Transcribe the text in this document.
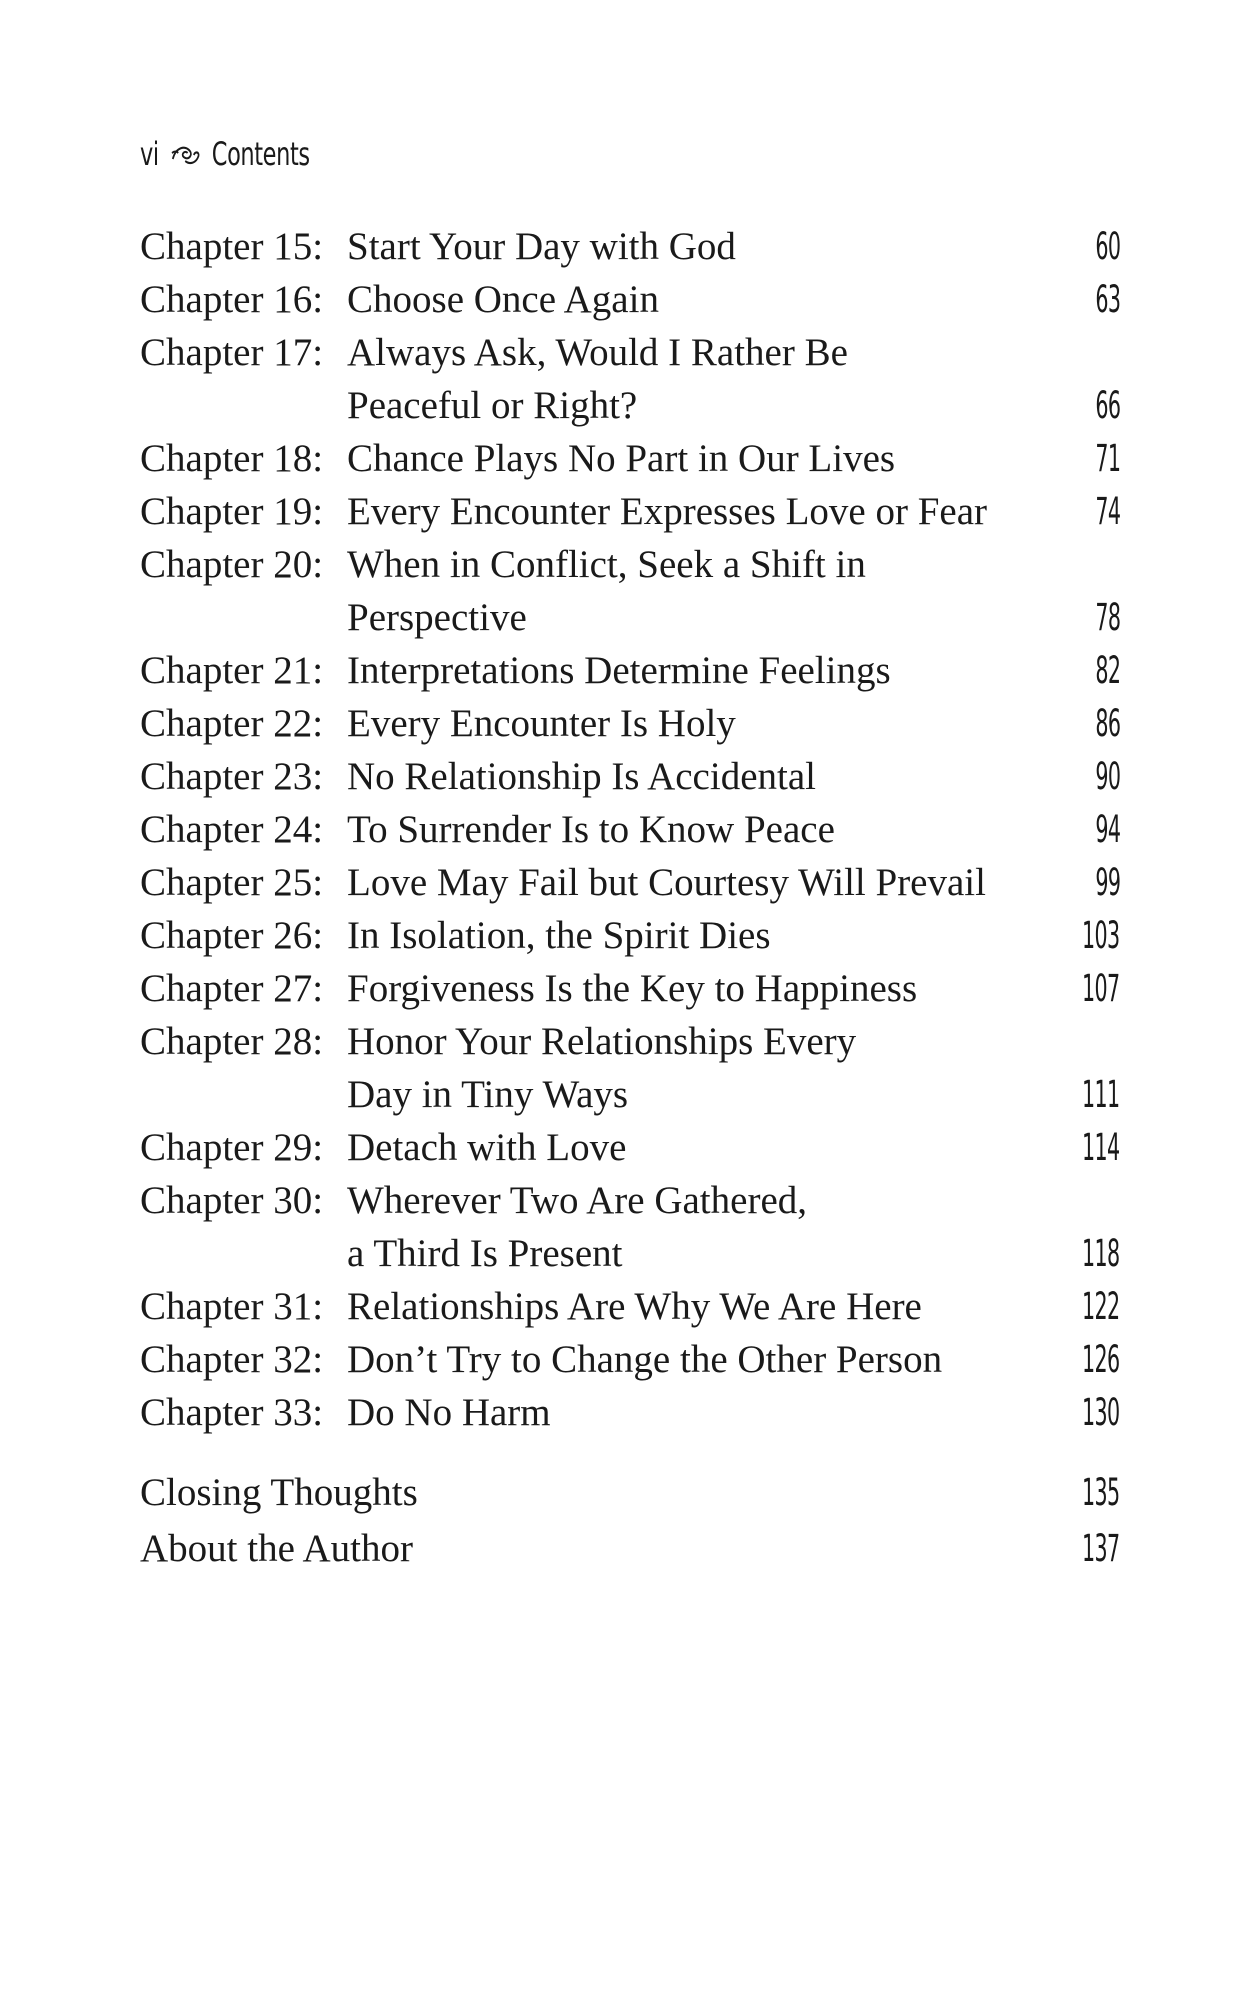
vi Contents
Chapter 15: Start Your Day with God	60
Chapter 16: Choose Once Again	63
Chapter 17: Always Ask, Would I Rather Be
Peaceful or Right?	66
Chapter 18: Chance Plays No Part in Our Lives	71
Chapter 19: Every Encounter Expresses Love or Fear	74
Chapter 20: When in Conflict, Seek a Shift in
Perspective	78
Chapter 21: Interpretations Determine Feelings	82
Chapter 22: Every Encounter Is Holy	86
Chapter 23: No Relationship Is Accidental	90
Chapter 24: To Surrender Is to Know Peace	94
Chapter 25: Love May Fail but Courtesy Will Prevail	99
Chapter 26: In Isolation, the Spirit Dies	103
Chapter 27: Forgiveness Is the Key to Happiness	107
Chapter 28: Honor Your Relationships Every
Day in Tiny Ways	111
Chapter 29: Detach with Love	114
Chapter 30: Wherever Two Are Gathered,
a Third Is Present	118
Chapter 31: Relationships Are Why We Are Here	122
Chapter 32: Don’t Try to Change the Other Person	126
Chapter 33: Do No Harm	130
Closing Thoughts	135
About the Author	137
